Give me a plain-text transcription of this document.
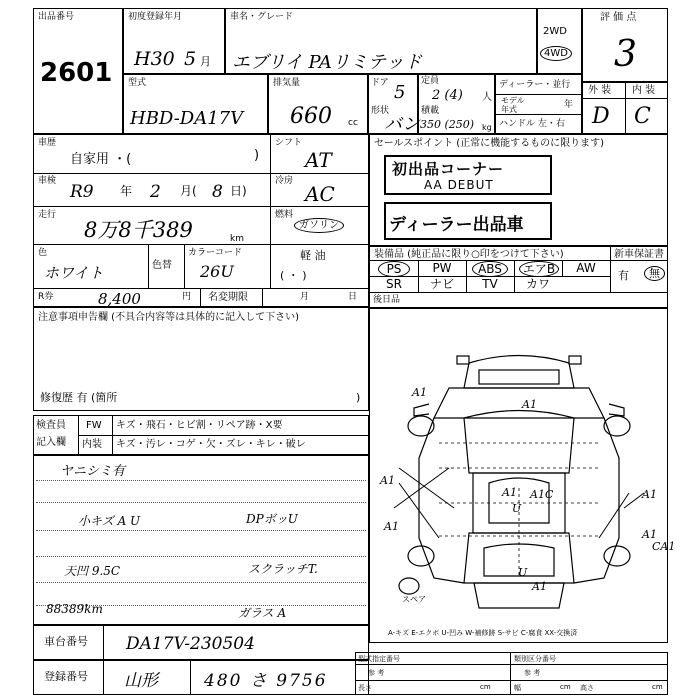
出品番号
2601
初度登録年月
H30 5 月
車名・グレード
エブリイ PAリミテッド
2WD
4WD
評 価 点
3
型式
HBD-DA17V
排気量
660 cc
ドア 5
形状
バン
定員
2 (4) 人
積載
350 (250) kg
ディーラー・並行
モデル
年式	年
ハンドル 左・右
外 装 内 装
D C
車歴
自家用 ・(	)
シフト
AT
車検
R9 年 2 月( 8 日)
冷房
AC
走行
8万8千389	km
燃料
ガソリン
軽 油
( ・ )
色
ホワイト	色替
カラーコード
26U
R券	8,400	円 名変期限	月	日
注意事項申告欄 (不具合内容等は具体的に記入して下さい)
修復歴 有 (箇所	)
検査員
記入欄
FW キズ・飛石・ヒビ割・リペア跡・X要
内装 キズ・汚レ・コゲ・欠・ズレ・キレ・破レ
ヤニシミ有
小キズ A U	DPボッU
天凹 9.5C	スクラッチT.
88389km	ガラス A
セールスポイント (正常に機能するものに限ります)
初出品コーナー
AA DEBUT
ディーラー出品車
装備品 (純正品に限り○印をつけて下さい)	新車保証書
PS	PW	ABS	エアB	AW
SR	ナビ	TV	カワ
有	無
後日品
A1
A1
A1
A1
A1
A1
A1
U
A1C
A1
U
CA1
スペア
A-キズ E-エクボ U-凹み W-補修跡 S-サビ C-腐食 XX-交換済
車台番号 DA17V-230504
登録番号 山形	480 さ 9756
型式指定番号	類別区分番号
参 考	参 考
長さ	cm	幅	cm 高さ	cm
